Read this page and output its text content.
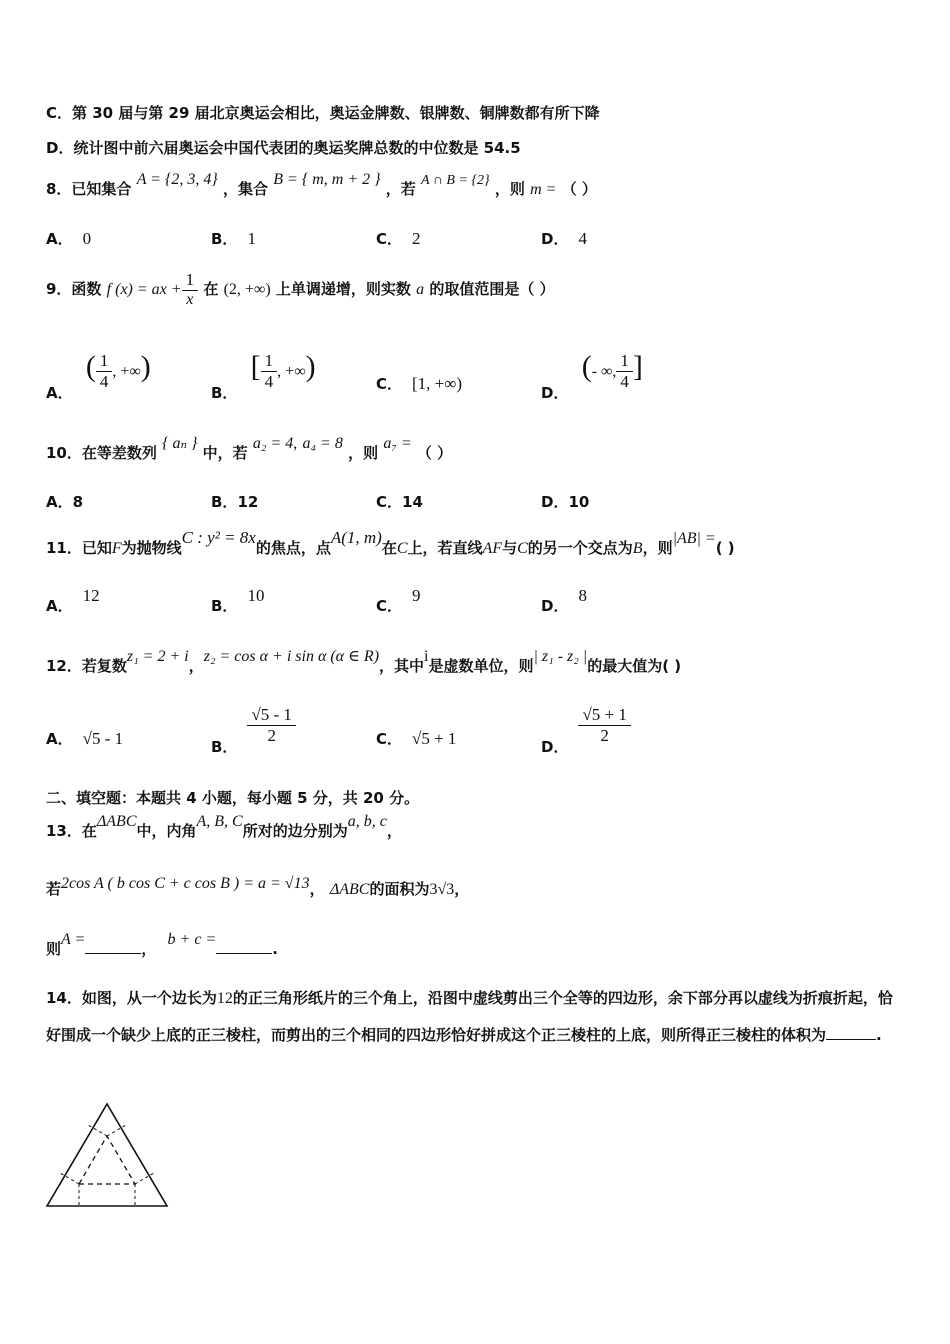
C．第 30 届与第 29 届北京奥运会相比，奥运金牌数、银牌数、铜牌数都有所下降
D．统计图中前六届奥运会中国代表团的奥运奖牌总数的中位数是 54.5
8．已知集合 A = {2, 3, 4} ，集合 B = { m, m + 2 } ，若 A ∩ B = {2} ，则 m = （ ）
A． 0	B． 1	C． 2	D． 4
9．函数 f (x) = ax + $\frac{1}{x}$ 在 (2, +∞) 上单调递增，则实数 a 的取值范围是（ ）
A． ( $\frac{1}{4}$ , +∞)
B． [ $\frac{1}{4}$ , +∞)
C． [1, +∞)	D． (- ∞, $\frac{1}{4}$ ]
10．在等差数列 { aₙ } 中，若 a₂ = 4, a₄ = 8 ，则 a₇ = （ ）
A．8	B．12	C．14	D．10
11．已知F为抛物线C : y² = 8x的焦点，点A(1, m)在C上，若直线AF与C的另一个交点为B，则|AB| =( )
A．12
B．10
C．9
D．8
12．若复数z₁ = 2 + i，z₂ = cos α + i sin α (α ∈ R)，其中i是虚数单位，则| z₁ - z₂ |的最大值为( )
A． √5 - 1	B．
$\frac{√5 - 1}{2}$	C． √5 + 1	D．
$\frac{√5 + 1}{2}$
二、填空题：本题共 4 小题，每小题 5 分，共 20 分。
13．在ΔABC中，内角A, B, C所对的边分别为a, b, c，
若2cos A ( b cos C + c cos B ) = a = √13， ΔABC的面积为3√3，
则A =， b + c =.
14．如图，从一个边长为12的正三角形纸片的三个角上，沿图中虚线剪出三个全等的四边形，余下部分再以虚线为折痕折起，恰好围成一个缺少上底的正三棱柱，而剪出的三个相同的四边形恰好拼成这个正三棱柱的上底，则所得正三棱柱的体积为	.
